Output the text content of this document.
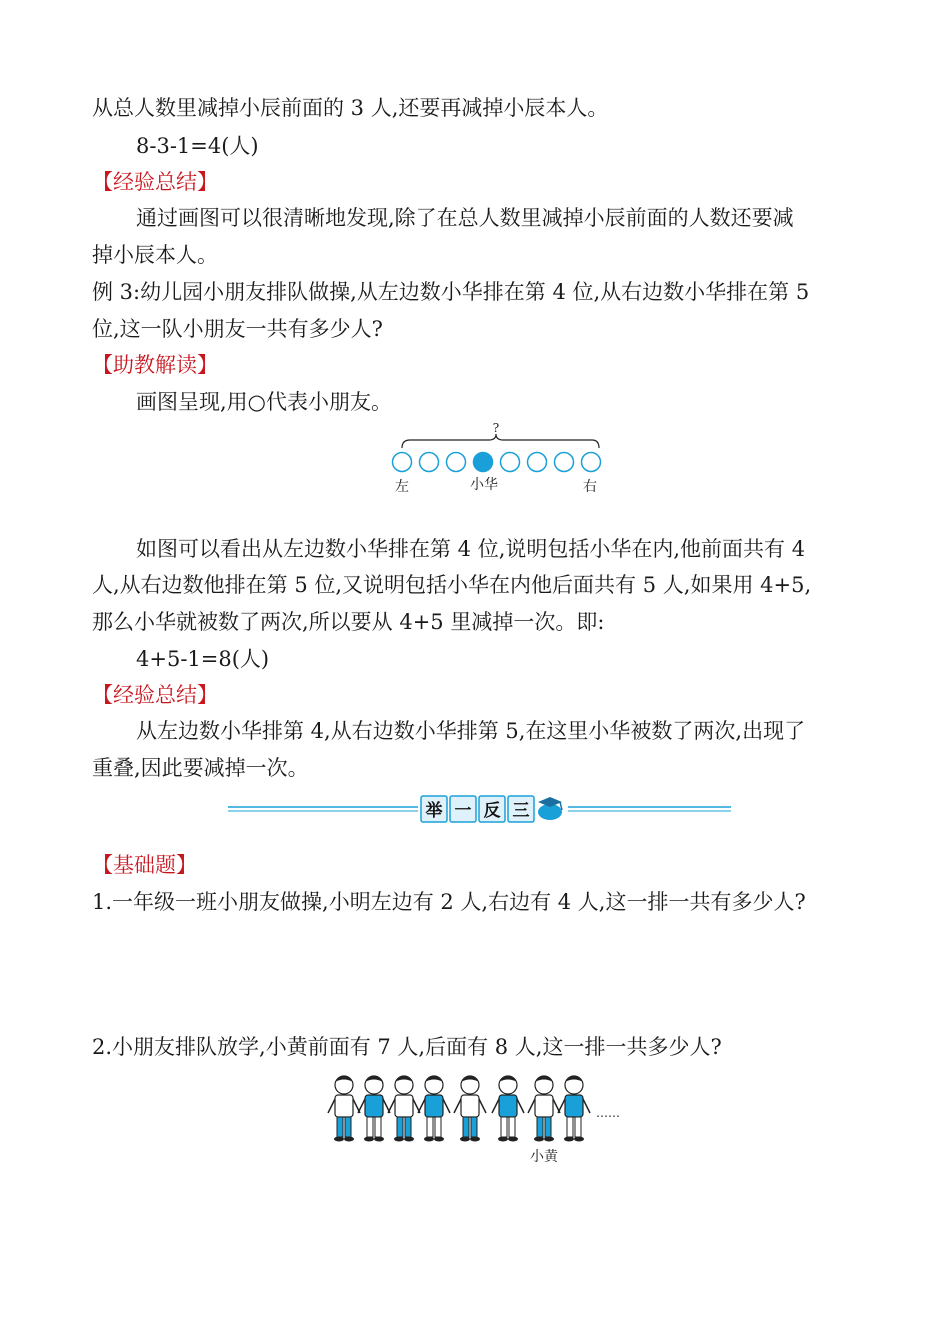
从总人数里减掉小辰前面的 3 人,还要再减掉小辰本人。
8-3-1=4(人)
【经验总结】
通过画图可以很清晰地发现,除了在总人数里减掉小辰前面的人数还要减
掉小辰本人。
例 3:幼儿园小朋友排队做操,从左边数小华排在第 4 位,从右边数小华排在第 5
位,这一队小朋友一共有多少人?
【助教解读】
画图呈现,用○代表小朋友。
?
左	小华	右
如图可以看出从左边数小华排在第 4 位,说明包括小华在内,他前面共有 4
人,从右边数他排在第 5 位,又说明包括小华在内他后面共有 5 人,如果用 4+5,
那么小华就被数了两次,所以要从 4+5 里减掉一次。即:
4+5-1=8(人)
【经验总结】
从左边数小华排第 4,从右边数小华排第 5,在这里小华被数了两次,出现了
重叠,因此要减掉一次。
举 一 反 三
【基础题】
1.一年级一班小朋友做操,小明左边有 2 人,右边有 4 人,这一排一共有多少人?
2.小朋友排队放学,小黄前面有 7 人,后面有 8 人,这一排一共多少人?
……
小黄
